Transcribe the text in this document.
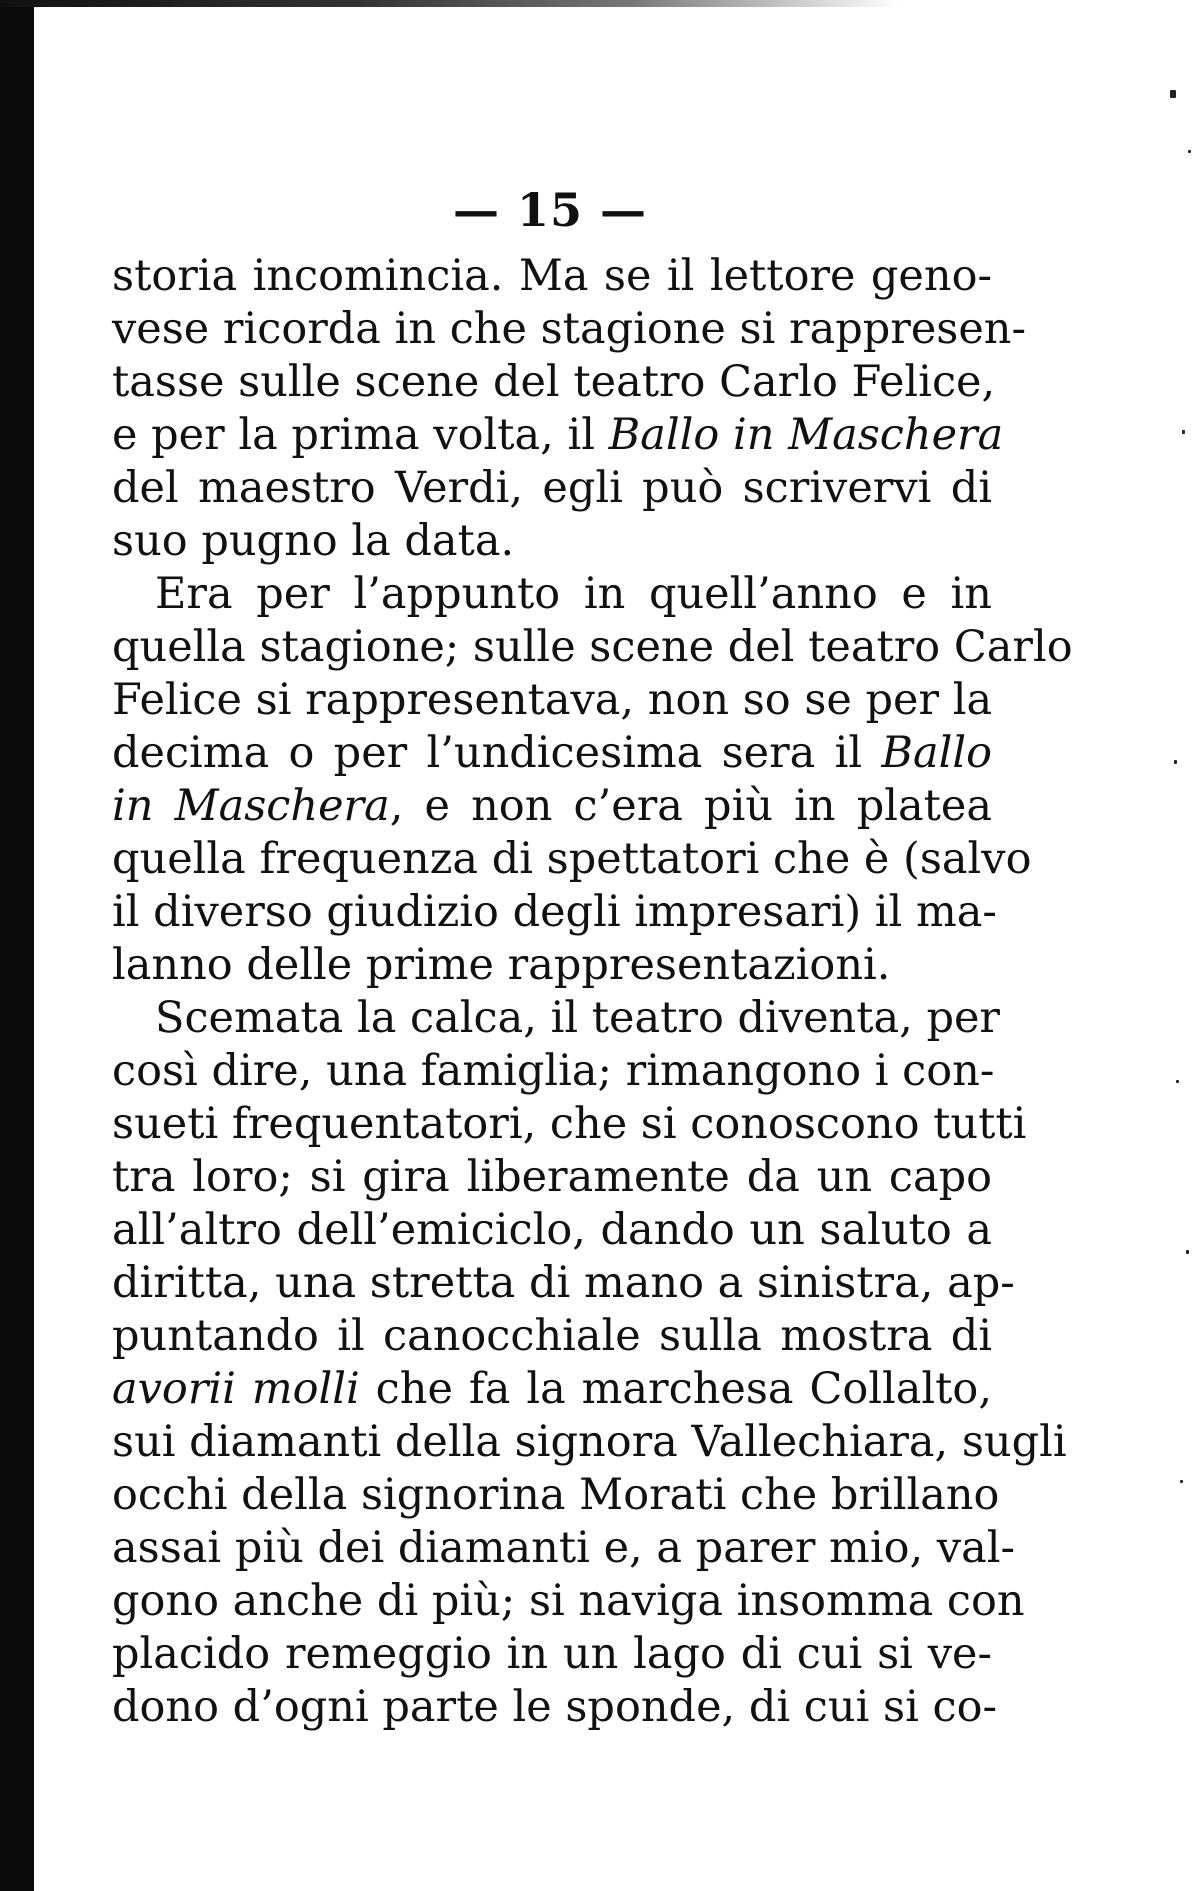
— 15 —
storia incomincia. Ma se il lettore geno-
vese ricorda in che stagione si rappresen-
tasse sulle scene del teatro Carlo Felice,
e per la prima volta, il Ballo in Maschera
del maestro Verdi, egli può scrivervi di
suo pugno la data.
Era per l’appunto in quell’anno e in
quella stagione; sulle scene del teatro Carlo
Felice si rappresentava, non so se per la
decima o per l’undicesima sera il Ballo
in Maschera, e non c’era più in platea
quella frequenza di spettatori che è (salvo
il diverso giudizio degli impresari) il ma-
lanno delle prime rappresentazioni.
Scemata la calca, il teatro diventa, per
così dire, una famiglia; rimangono i con-
sueti frequentatori, che si conoscono tutti
tra loro; si gira liberamente da un capo
all’altro dell’emiciclo, dando un saluto a
diritta, una stretta di mano a sinistra, ap-
puntando il canocchiale sulla mostra di
avorii molli che fa la marchesa Collalto,
sui diamanti della signora Vallechiara, sugli
occhi della signorina Morati che brillano
assai più dei diamanti e, a parer mio, val-
gono anche di più; si naviga insomma con
placido remeggio in un lago di cui si ve-
dono d’ogni parte le sponde, di cui si co-
